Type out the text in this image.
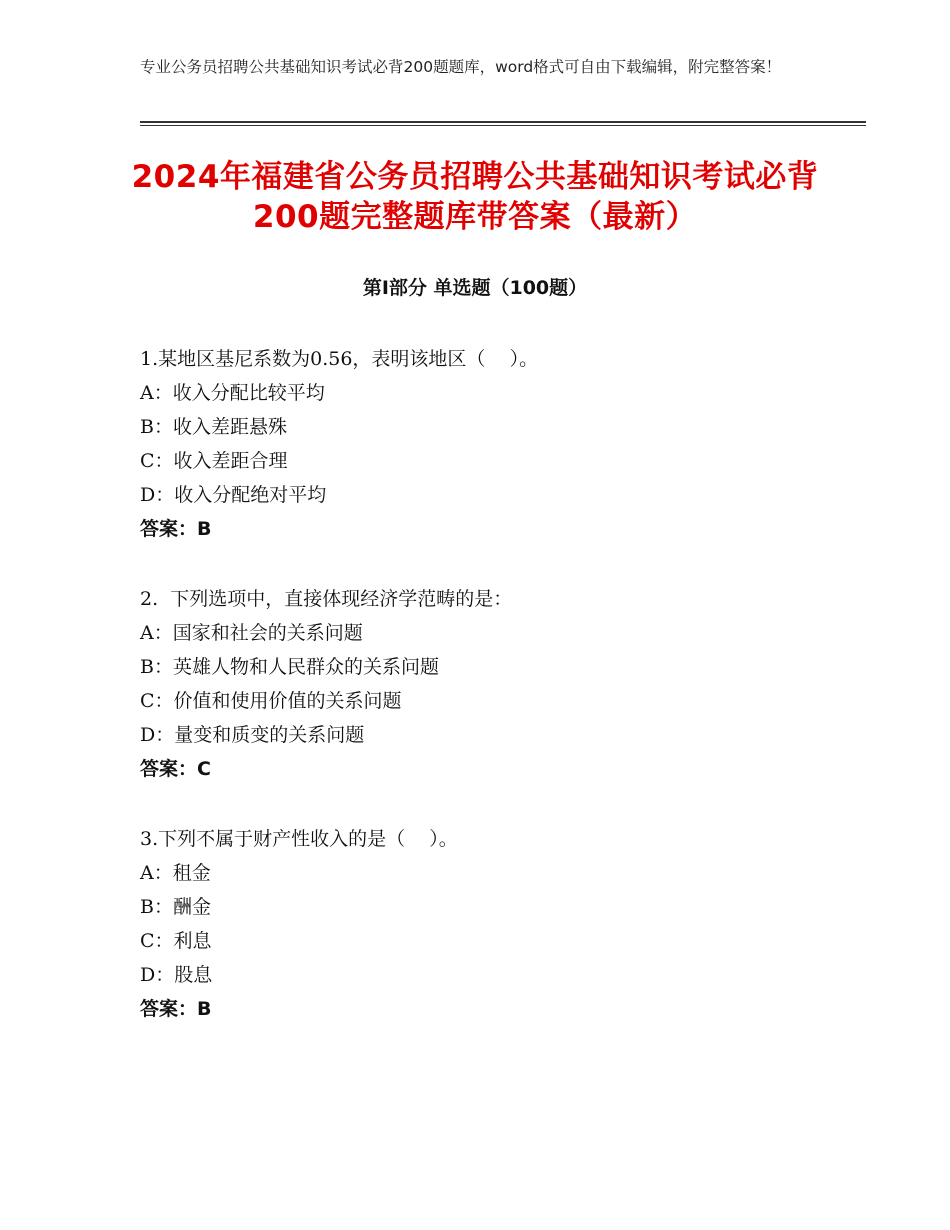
专业公务员招聘公共基础知识考试必背200题题库，word格式可自由下载编辑，附完整答案！
2024年福建省公务员招聘公共基础知识考试必背200题完整题库带答案（最新）
第Ⅰ部分 单选题（100题）
1.某地区基尼系数为0.56，表明该地区（    ）。
A：收入分配比较平均
B：收入差距悬殊
C：收入差距合理
D：收入分配绝对平均
答案：B
2.  下列选项中，直接体现经济学范畴的是：
A：国家和社会的关系问题
B：英雄人物和人民群众的关系问题
C：价值和使用价值的关系问题
D：量变和质变的关系问题
答案：C
3.下列不属于财产性收入的是（    ）。
A：租金
B：酬金
C：利息
D：股息
答案：B
